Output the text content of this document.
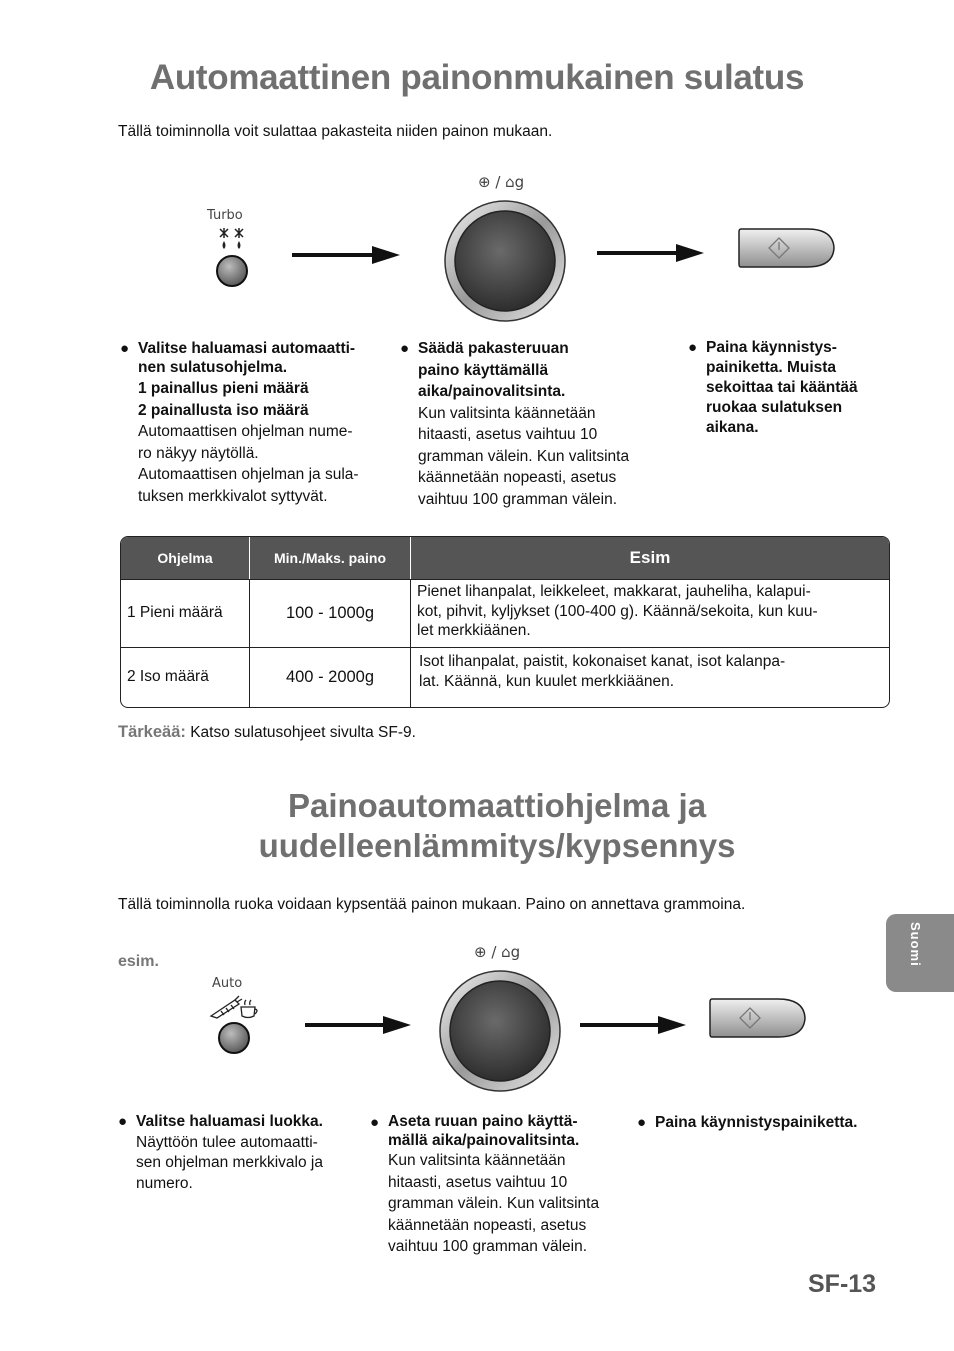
Automaattinen painonmukainen sulatus
Tällä toiminnolla voit sulattaa pakasteita niiden painon mukaan.
Turbo
⊕ / ⌂g
● Valitse haluamasi automaatti-
nen sulatusohjelma.
1 painallus pieni määrä
2 painallusta iso määrä
Automaattisen ohjelman nume-
ro näkyy näytöllä.
Automaattisen ohjelman ja sula-
tuksen merkkivalot syttyvät.
● Säädä pakasteruuan
paino käyttämällä
aika/painovalitsinta.
Kun valitsinta käännetään
hitaasti, asetus vaihtuu 10
gramman välein. Kun valitsinta
käännetään nopeasti, asetus
vaihtuu 100 gramman välein.
● Paina käynnistys-
painiketta. Muista
sekoittaa tai kääntää
ruokaa sulatuksen
aikana.
Ohjelma	Min./Maks. paino	Esim
1 Pieni määrä	100 - 1000g	Pienet lihanpalat, leikkeleet, makkarat, jauheliha, kalapui-
kot, pihvit, kyljykset (100-400 g). Käännä/sekoita, kun kuu-
let merkkiäänen.

2 Iso määrä	400 - 2000g	Isot lihanpalat, paistit, kokonaiset kanat, isot kalanpa-
lat. Käännä, kun kuulet merkkiäänen.
Tärkeää: Katso sulatusohjeet sivulta SF-9.
Painoautomaattiohjelma ja
uudelleenlämmitys/kypsennys
Tällä toiminnolla ruoka voidaan kypsentää painon mukaan. Paino on annettava grammoina.
esim.
Auto
⊕ / ⌂g
● Valitse haluamasi luokka.
Näyttöön tulee automaatti-
sen ohjelman merkkivalo ja
numero.
● Aseta ruuan paino käyttä-
mällä aika/painovalitsinta.
Kun valitsinta käännetään
hitaasti, asetus vaihtuu 10
gramman välein. Kun valitsinta
käännetään nopeasti, asetus
vaihtuu 100 gramman välein.
● Paina käynnistyspainiketta.
Suomi
SF-13
